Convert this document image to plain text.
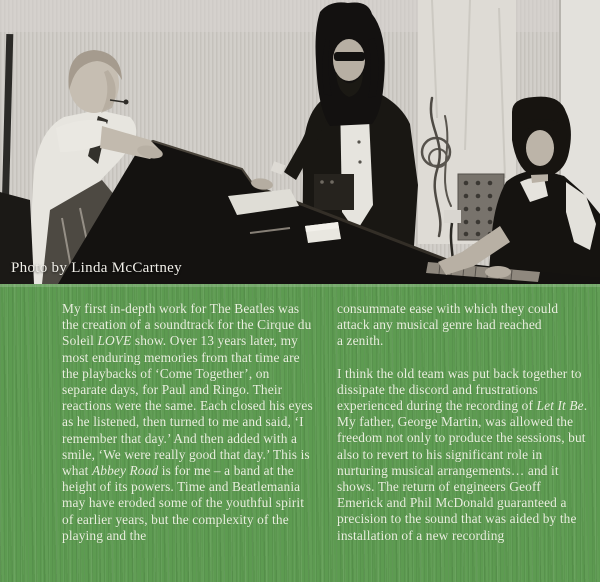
Photo by Linda McCartney

My first in-depth work for The Beatles was the creation of a soundtrack for the Cirque du Soleil LOVE show. Over 13 years later, my most enduring memories from that time are the playbacks of ‘Come Together’, on separate days, for Paul and Ringo. Their reactions were the same. Each closed his eyes as he listened, then turned to me and said, ‘I remember that day.’ And then added with a smile, ‘We were really good that day.’ This is what Abbey Road is for me – a band at the height of its powers. Time and Beatlemania may have eroded some of the youthful spirit of earlier years, but the complexity of the playing and the

consummate ease with which they could attack any musical genre had reached a zenith.

I think the old team was put back together to dissipate the discord and frustrations experienced during the recording of Let It Be. My father, George Martin, was allowed the freedom not only to produce the sessions, but also to revert to his significant role in nurturing musical arrangements… and it shows. The return of engineers Geoff Emerick and Phil McDonald guaranteed a precision to the sound that was aided by the installation of a new recording
